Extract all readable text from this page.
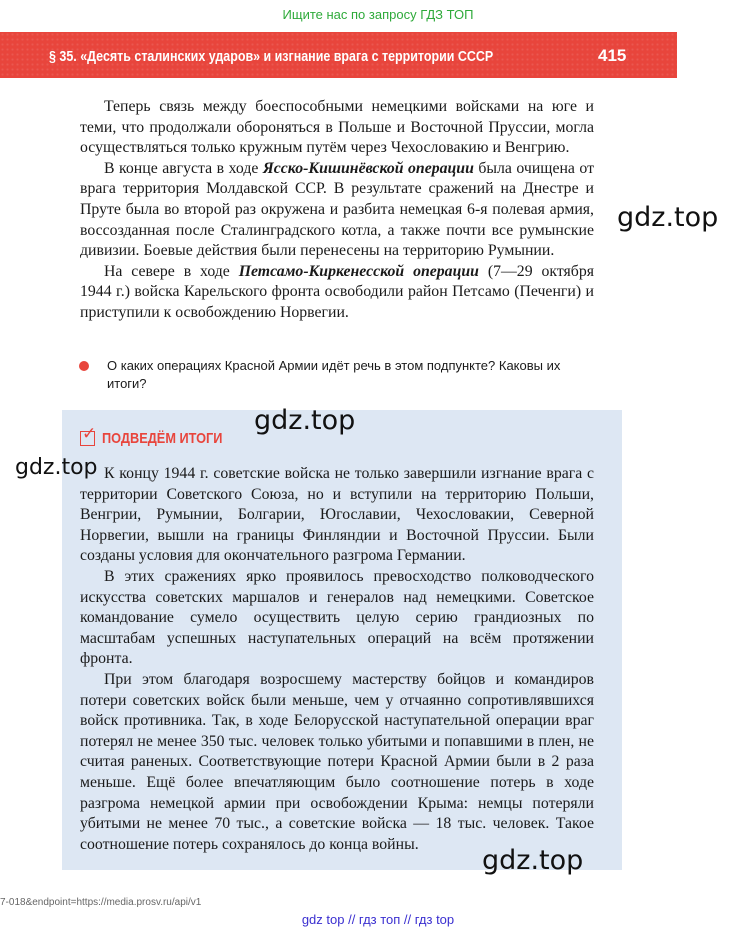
Ищите нас по запросу ГДЗ ТОП
§ 35. «Десять сталинских ударов» и изгнание врага с территории СССР	415

Теперь связь между боеспособными немецкими войсками на юге и теми, что продолжали обороняться в Польше и Восточной Пруссии, могла осуществляться только кружным путём через Чехословакию и Венгрию.

В конце августа в ходе Ясско-Кишинёвской операции была очищена от врага территория Молдавской ССР. В результате сражений на Днестре и Пруте была во второй раз окружена и разбита немецкая 6-я полевая армия, воссозданная после Сталинградского котла, а также почти все румынские дивизии. Боевые действия были перенесены на территорию Румынии.

На севере в ходе Петсамо-Киркенесской операции (7—29 октября 1944 г.) войска Карельского фронта освободили район Петсамо (Печенги) и приступили к освобождению Норвегии.

О каких операциях Красной Армии идёт речь в этом подпункте? Каковы их итоги?
✓ ПОДВЕДЁМ ИТОГИ

К концу 1944 г. советские войска не только завершили изгнание врага с территории Советского Союза, но и вступили на территорию Польши, Венгрии, Румынии, Болгарии, Югославии, Чехословакии, Северной Норвегии, вышли на границы Финляндии и Восточной Пруссии. Были созданы условия для окончательного разгрома Германии.

В этих сражениях ярко проявилось превосходство полководческого искусства советских маршалов и генералов над немецкими. Советское командование сумело осуществить целую серию грандиозных по масштабам успешных наступательных операций на всём протяжении фронта.

При этом благодаря возросшему мастерству бойцов и командиров потери советских войск были меньше, чем у отчаянно сопротивлявшихся войск противника. Так, в ходе Белорусской наступательной операции враг потерял не менее 350 тыс. человек только убитыми и попавшими в плен, не считая раненых. Соответствующие потери Красной Армии были в 2 раза меньше. Ещё более впечатляющим было соотношение потерь в ходе разгрома немецкой армии при освобождении Крыма: немцы потеряли убитыми не менее 70 тыс., а советские войска — 18 тыс. человек. Такое соотношение потерь сохранялось до конца войны.

gdz.top
gdz.top
gdz.top
gdz.top
7-018&endpoint=https://media.prosv.ru/api/v1
gdz top // гдз топ // гдз top
